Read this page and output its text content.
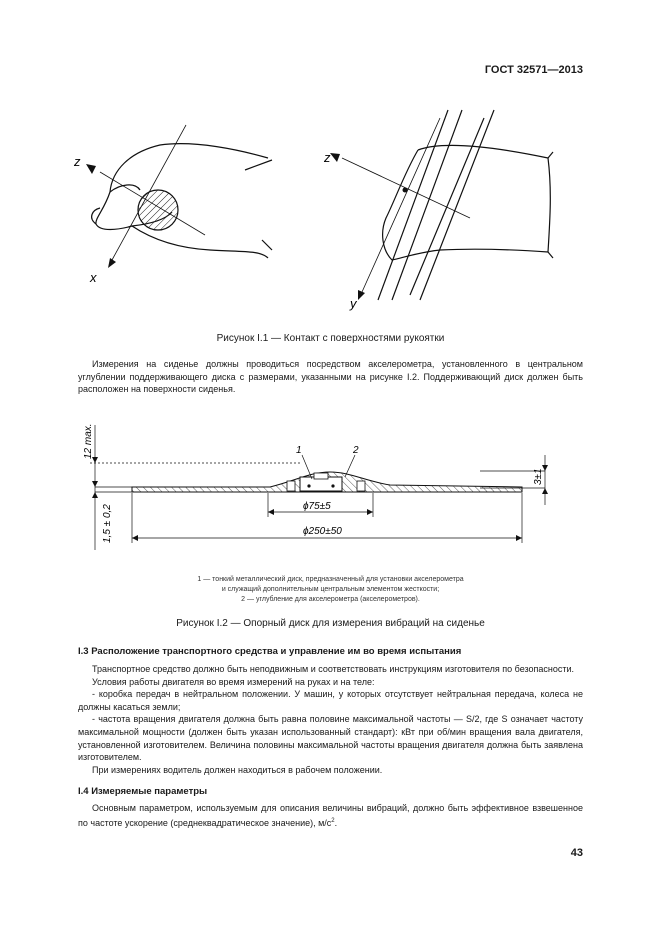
ГОСТ 32571—2013
z
x
z
y
Рисунок I.1 — Контакт с поверхностями рукоятки

Измерения на сиденье должны проводиться посредством акселерометра, установленного в центральном углублении поддерживающего диска с размерами, указанными на рисунке I.2. Поддерживающий диск должен быть расположен на поверхности сиденья.

1	2
12 max.
1,5 ± 0,2
3±1
ϕ75±5
ϕ250±50
1 — тонкий металлический диск, предназначенный для установки акселерометра
и служащий дополнительным центральным элементом жесткости;
2 — углубление для акселерометра (акселерометров).
Рисунок I.2 — Опорный диск для измерения вибраций на сиденье
I.3 Расположение транспортного средства и управление им во время испытания
Транспортное средство должно быть неподвижным и соответствовать инструкциям изготовителя по безопасности.
Условия работы двигателя во время измерений на руках и на теле:
- коробка передач в нейтральном положении. У машин, у которых отсутствует нейтральная передача, колеса не должны касаться земли;
- частота вращения двигателя должна быть равна половине максимальной частоты — S/2, где S означает частоту максимальной мощности (должен быть указан использованный стандарт): кВт при об/мин вращения вала двигателя, установленной изготовителем. Величина половины максимальной частоты вращения двигателя должна быть заявлена изготовителем.
При измерениях водитель должен находиться в рабочем положении.
I.4 Измеряемые параметры
Основным параметром, используемым для описания величины вибраций, должно быть эффективное взвешенное по частоте ускорение (среднеквадратическое значение), $м/с^2$.
43
